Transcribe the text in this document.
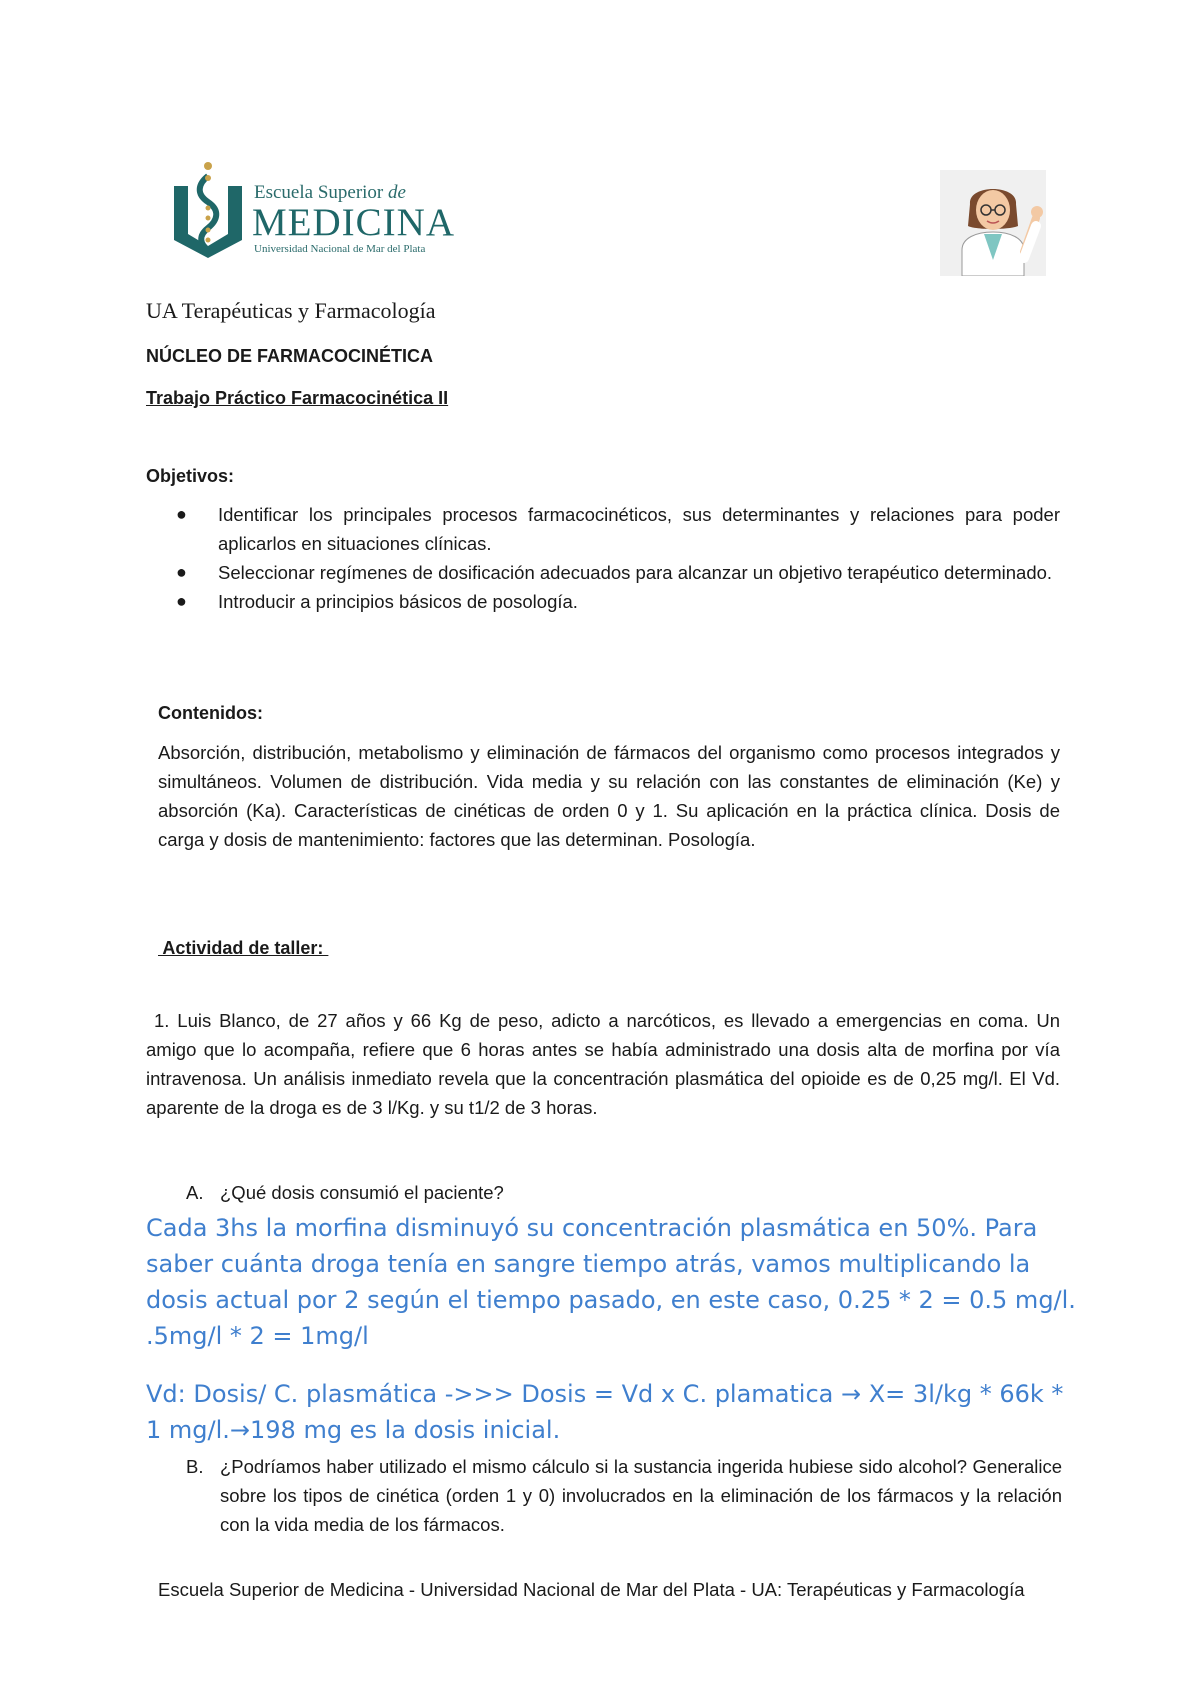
Escuela Superior de
MEDICINA
Universidad Nacional de Mar del Plata
UA Terapéuticas y Farmacología
NÚCLEO DE FARMACOCINÉTICA
Trabajo Práctico Farmacocinética II
Objetivos:
● Identificar los principales procesos farmacocinéticos, sus determinantes y relaciones para poder aplicarlos en situaciones clínicas.
● Seleccionar regímenes de dosificación adecuados para alcanzar un objetivo terapéutico determinado.
● Introducir a principios básicos de posología.
Contenidos:
Absorción, distribución, metabolismo y eliminación de fármacos del organismo como procesos integrados y simultáneos. Volumen de distribución. Vida media y su relación con las constantes de eliminación (Ke) y absorción (Ka). Características de cinéticas de orden 0 y 1. Su aplicación en la práctica clínica. Dosis de carga y dosis de mantenimiento: factores que las determinan. Posología.
Actividad de taller:
1. Luis Blanco, de 27 años y 66 Kg de peso, adicto a narcóticos, es llevado a emergencias en coma. Un amigo que lo acompaña, refiere que 6 horas antes se había administrado una dosis alta de morfina por vía intravenosa. Un análisis inmediato revela que la concentración plasmática del opioide es de 0,25 mg/l. El Vd. aparente de la droga es de 3 l/Kg. y su t1/2 de 3 horas.
A. ¿Qué dosis consumió el paciente?
Cada 3hs la morfina disminuyó su concentración plasmática en 50%. Para saber cuánta droga tenía en sangre tiempo atrás, vamos multiplicando la dosis actual por 2 según el tiempo pasado, en este caso, 0.25 * 2 = 0.5 mg/l. .5mg/l * 2 = 1mg/l
Vd: Dosis/ C. plasmática ->>> Dosis = Vd x C. plamatica → X= 3l/kg * 66k * 1 mg/l.→198 mg es la dosis inicial.
B. ¿Podríamos haber utilizado el mismo cálculo si la sustancia ingerida hubiese sido alcohol? Generalice sobre los tipos de cinética (orden 1 y 0) involucrados en la eliminación de los fármacos y la relación con la vida media de los fármacos.
Escuela Superior de Medicina - Universidad Nacional de Mar del Plata - UA: Terapéuticas y Farmacología
